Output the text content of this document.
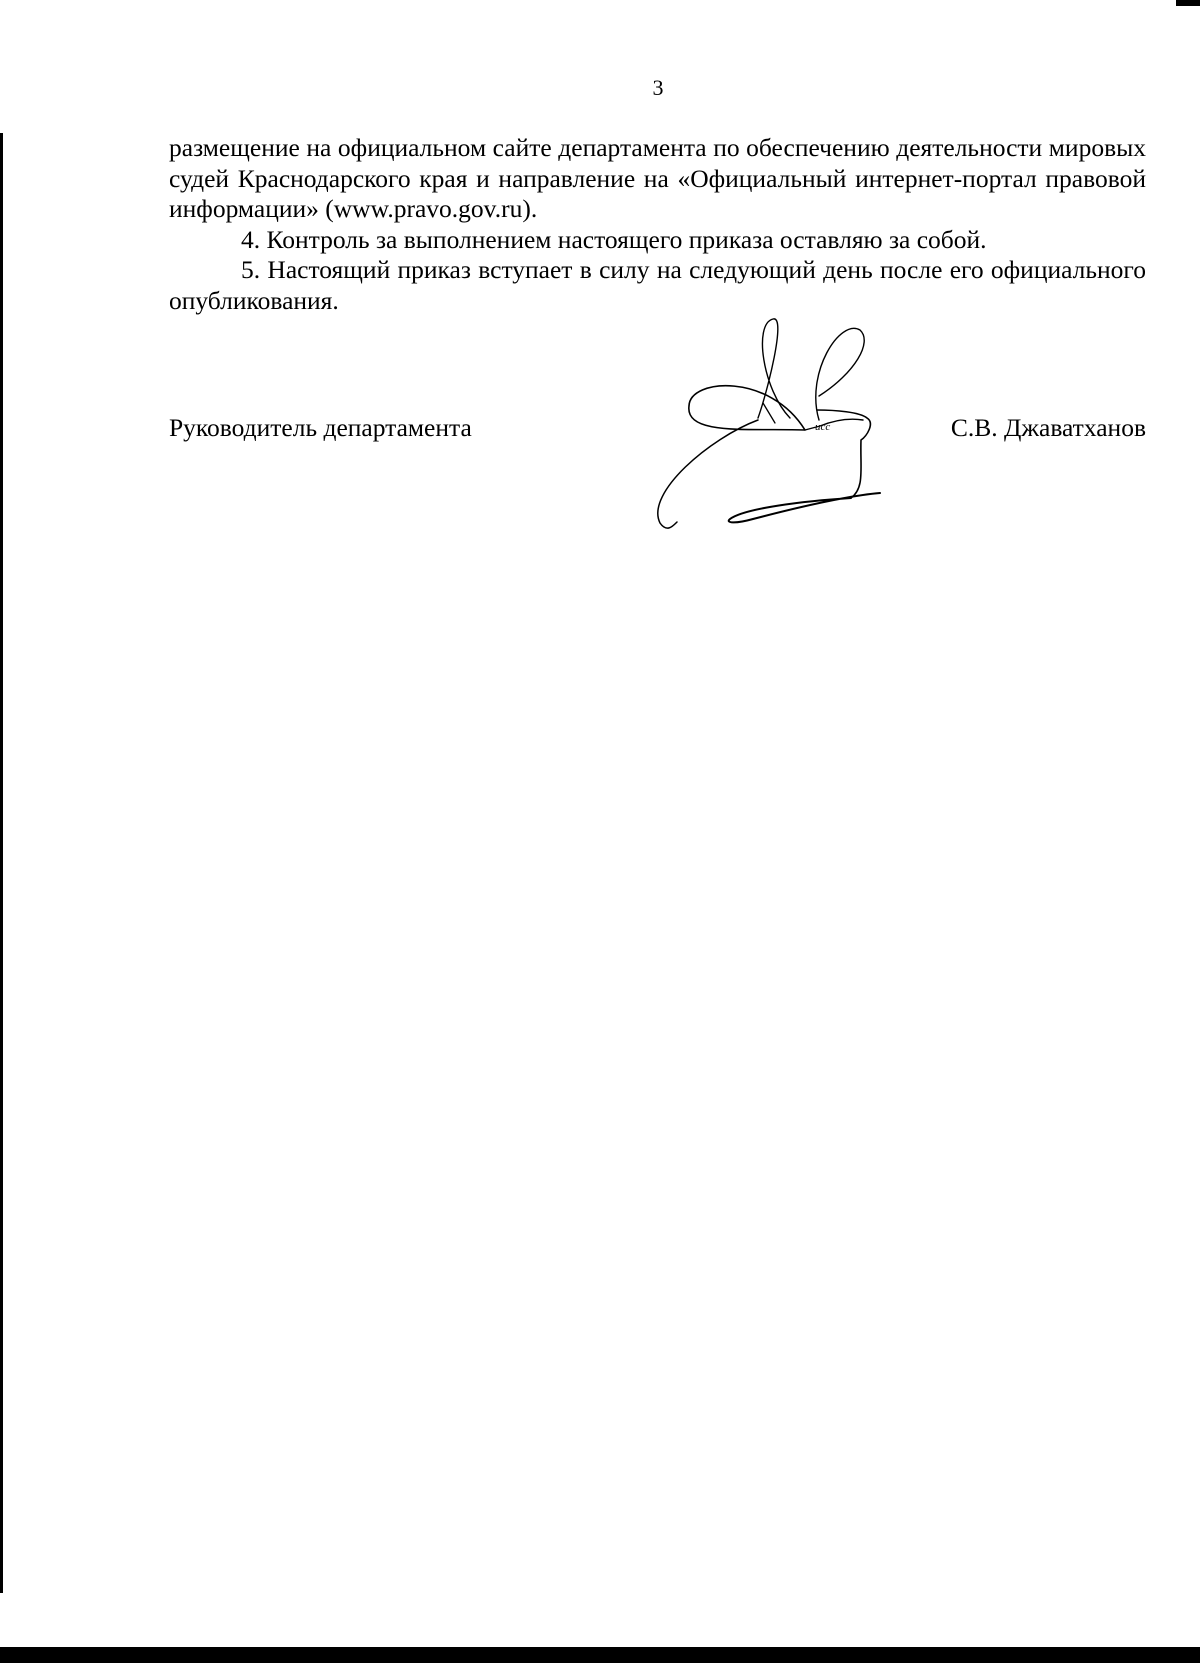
3

размещение на официальном сайте департамента по обеспечению деятельности мировых судей Краснодарского края и направление на «Официальный интернет-портал правовой информации» (www.pravo.gov.ru).

4. Контроль за выполнением настоящего приказа оставляю за собой.

5. Настоящий приказ вступает в силу на следующий день после его официального опубликования.

Руководитель департамента	С.В. Джаватханов
исс
